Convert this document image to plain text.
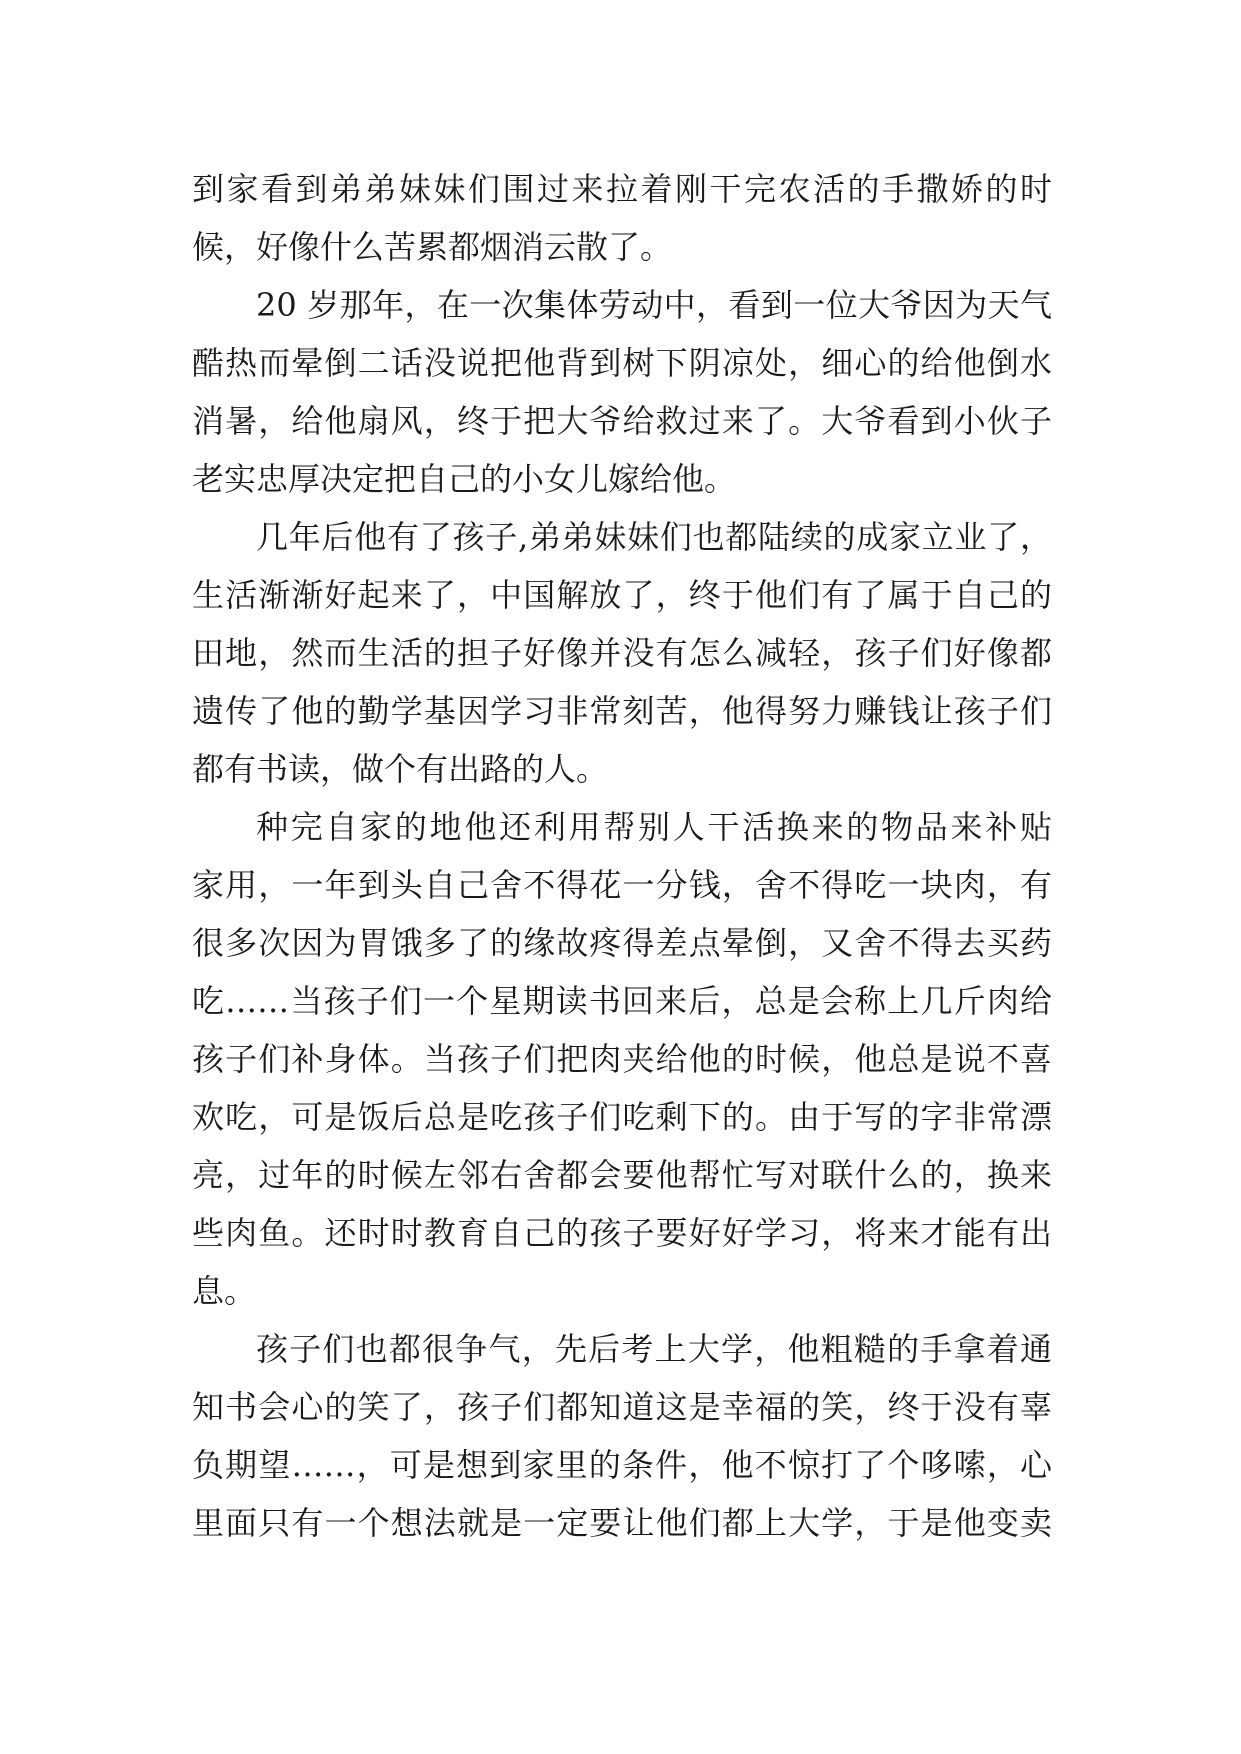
到家看到弟弟妹妹们围过来拉着刚干完农活的手撒娇的时
候，好像什么苦累都烟消云散了。
20 岁那年，在一次集体劳动中，看到一位大爷因为天气
酷热而晕倒二话没说把他背到树下阴凉处，细心的给他倒水
消暑，给他扇风，终于把大爷给救过来了。大爷看到小伙子
老实忠厚决定把自己的小女儿嫁给他。
几年后他有了孩子,弟弟妹妹们也都陆续的成家立业了，
生活渐渐好起来了，中国解放了，终于他们有了属于自己的
田地，然而生活的担子好像并没有怎么减轻，孩子们好像都
遗传了他的勤学基因学习非常刻苦，他得努力赚钱让孩子们
都有书读，做个有出路的人。
种完自家的地他还利用帮别人干活换来的物品来补贴
家用，一年到头自己舍不得花一分钱，舍不得吃一块肉，有
很多次因为胃饿多了的缘故疼得差点晕倒，又舍不得去买药
吃……当孩子们一个星期读书回来后，总是会称上几斤肉给
孩子们补身体。当孩子们把肉夹给他的时候，他总是说不喜
欢吃，可是饭后总是吃孩子们吃剩下的。由于写的字非常漂
亮，过年的时候左邻右舍都会要他帮忙写对联什么的，换来
些肉鱼。还时时教育自己的孩子要好好学习，将来才能有出
息。
孩子们也都很争气，先后考上大学，他粗糙的手拿着通
知书会心的笑了，孩子们都知道这是幸福的笑，终于没有辜
负期望……，可是想到家里的条件，他不惊打了个哆嗦，心
里面只有一个想法就是一定要让他们都上大学，于是他变卖
